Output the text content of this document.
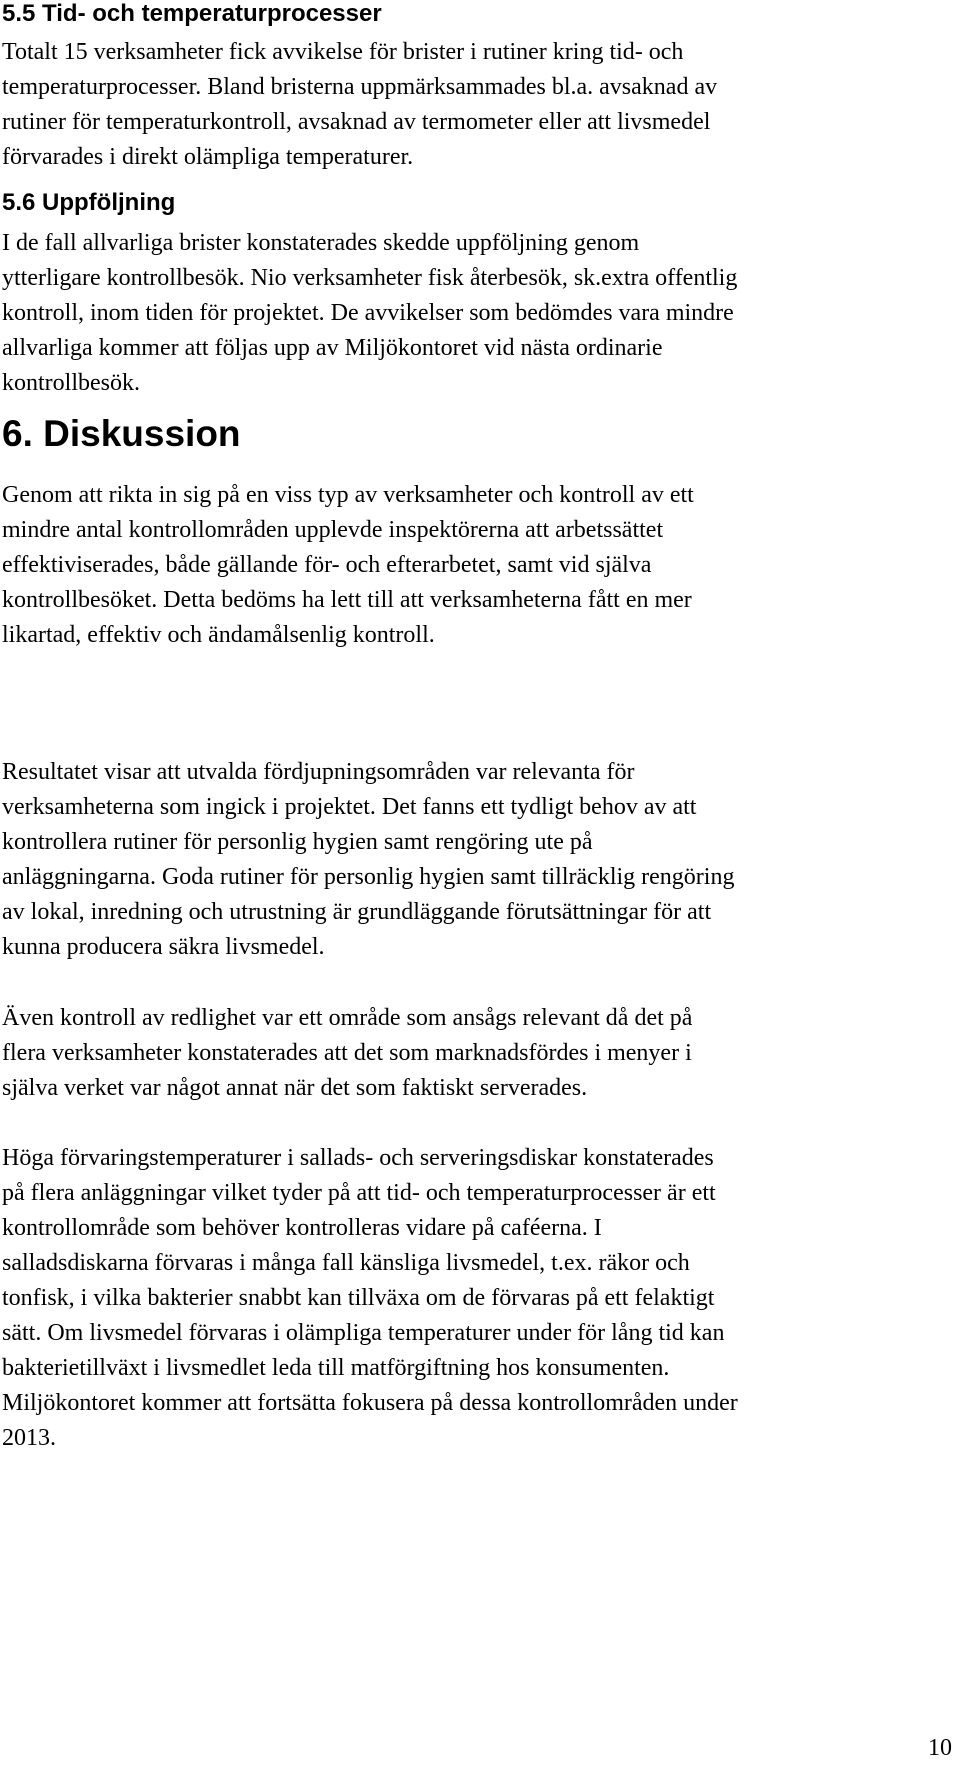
5.5 Tid- och temperaturprocesser

Totalt 15 verksamheter fick avvikelse för brister i rutiner kring tid- och
temperaturprocesser. Bland bristerna uppmärksammades bl.a. avsaknad av
rutiner för temperaturkontroll, avsaknad av termometer eller att livsmedel
förvarades i direkt olämpliga temperaturer.

5.6 Uppföljning

I de fall allvarliga brister konstaterades skedde uppföljning genom
ytterligare kontrollbesök. Nio verksamheter fisk återbesök, sk.extra offentlig
kontroll, inom tiden för projektet. De avvikelser som bedömdes vara mindre
allvarliga kommer att följas upp av Miljökontoret vid nästa ordinarie
kontrollbesök.

6. Diskussion

Genom att rikta in sig på en viss typ av verksamheter och kontroll av ett
mindre antal kontrollområden upplevde inspektörerna att arbetssättet
effektiviserades, både gällande för- och efterarbetet, samt vid själva
kontrollbesöket. Detta bedöms ha lett till att verksamheterna fått en mer
likartad, effektiv och ändamålsenlig kontroll.

Resultatet visar att utvalda fördjupningsområden var relevanta för
verksamheterna som ingick i projektet. Det fanns ett tydligt behov av att
kontrollera rutiner för personlig hygien samt rengöring ute på
anläggningarna. Goda rutiner för personlig hygien samt tillräcklig rengöring
av lokal, inredning och utrustning är grundläggande förutsättningar för att
kunna producera säkra livsmedel.

Även kontroll av redlighet var ett område som ansågs relevant då det på
flera verksamheter konstaterades att det som marknadsfördes i menyer i
själva verket var något annat när det som faktiskt serverades.

Höga förvaringstemperaturer i sallads- och serveringsdiskar konstaterades
på flera anläggningar vilket tyder på att tid- och temperaturprocesser är ett
kontrollområde som behöver kontrolleras vidare på caféerna. I
salladsdiskarna förvaras i många fall känsliga livsmedel, t.ex. räkor och
tonfisk, i vilka bakterier snabbt kan tillväxa om de förvaras på ett felaktigt
sätt. Om livsmedel förvaras i olämpliga temperaturer under för lång tid kan
bakterietillväxt i livsmedlet leda till matförgiftning hos konsumenten.
Miljökontoret kommer att fortsätta fokusera på dessa kontrollområden under
2013.

10
